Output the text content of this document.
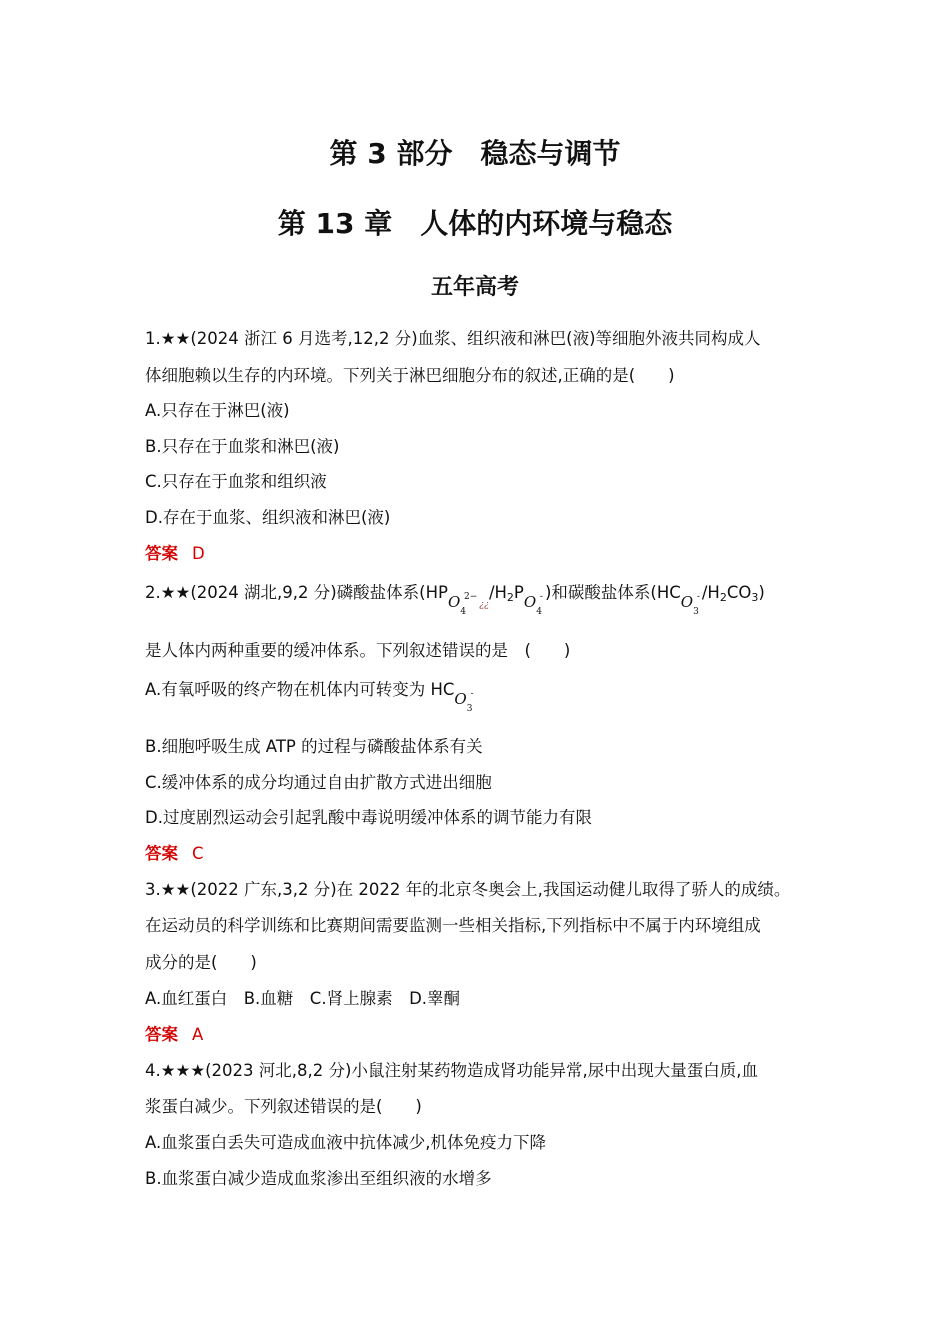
第 3 部分　稳态与调节
第 13 章　人体的内环境与稳态
五年高考
1.★★(2024 浙江 6 月选考,12,2 分)血浆、组织液和淋巴(液)等细胞外液共同构成人
体细胞赖以生存的内环境。下列关于淋巴细胞分布的叙述,正确的是(　　)
A.只存在于淋巴(液)
B.只存在于血浆和淋巴(液)
C.只存在于血浆和组织液
D.存在于血浆、组织液和淋巴(液)
答案 D
2.★★(2024 湖北,9,2 分)磷酸盐体系($HPO_4^{2-}¿¿/H_2PO_4^-$ )和碳酸盐体系($HCO_3^-$ $/H_2CO_3$)
是人体内两种重要的缓冲体系。下列叙述错误的是　(　　)
A.有氧呼吸的终产物在机体内可转变为 $HCO_3^-$
B.细胞呼吸生成 ATP 的过程与磷酸盐体系有关
C.缓冲体系的成分均通过自由扩散方式进出细胞
D.过度剧烈运动会引起乳酸中毒说明缓冲体系的调节能力有限
答案 C
3.★★(2022 广东,3,2 分)在 2022 年的北京冬奥会上,我国运动健儿取得了骄人的成绩。
在运动员的科学训练和比赛期间需要监测一些相关指标,下列指标中不属于内环境组成
成分的是(　　)
A.血红蛋白　B.血糖　C.肾上腺素　D.睾酮
答案 A
4.★★★(2023 河北,8,2 分)小鼠注射某药物造成肾功能异常,尿中出现大量蛋白质,血
浆蛋白减少。下列叙述错误的是(　　)
A.血浆蛋白丢失可造成血液中抗体减少,机体免疫力下降
B.血浆蛋白减少造成血浆渗出至组织液的水增多
